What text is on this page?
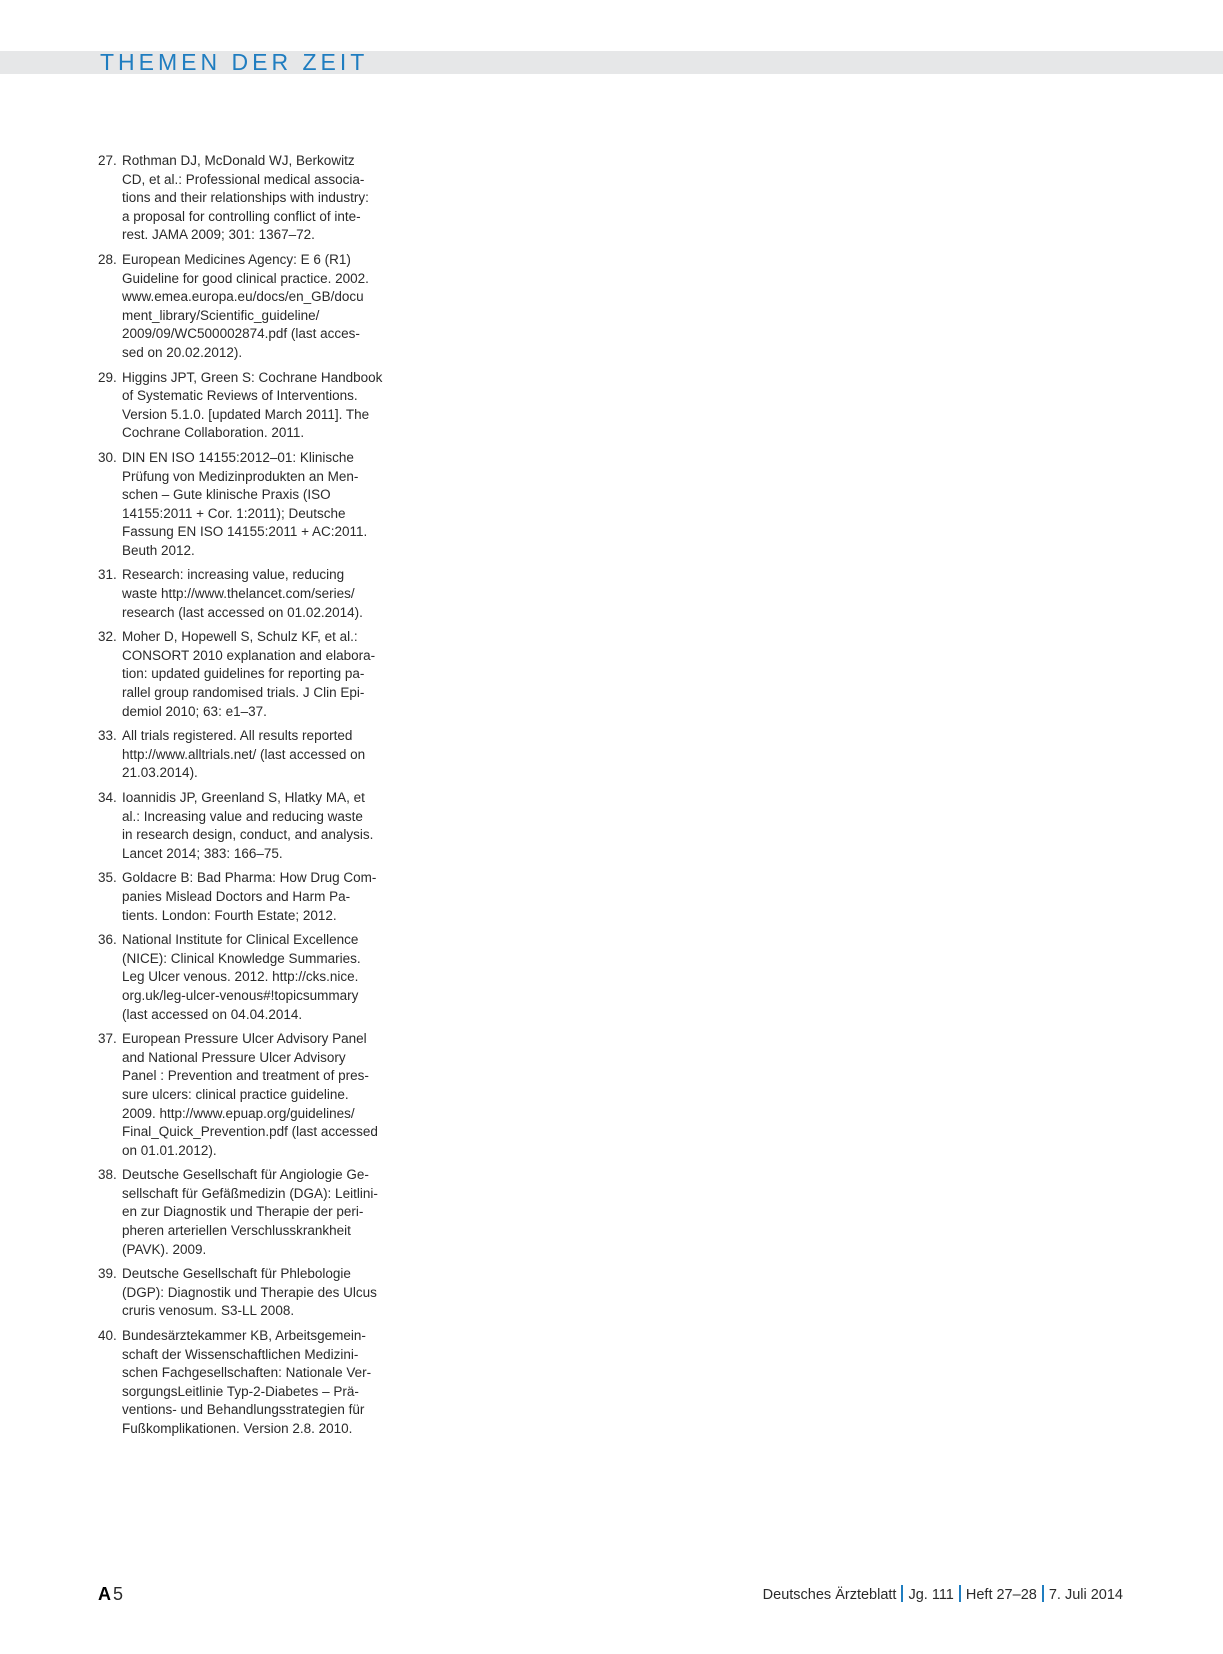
THEMEN DER ZEIT
27. Rothman DJ, McDonald WJ, Berkowitz
CD, et al.: Professional medical associa-
tions and their relationships with industry:
a proposal for controlling conflict of inte-
rest. JAMA 2009; 301: 1367–72.
28. European Medicines Agency: E 6 (R1)
Guideline for good clinical practice. 2002.
www.emea.europa.eu/docs/en_GB/docu
ment_library/Scientific_guideline/
2009/09/WC500002874.pdf (last acces-
sed on 20.02.2012).
29. Higgins JPT, Green S: Cochrane Handbook
of Systematic Reviews of Interventions.
Version 5.1.0. [updated March 2011]. The
Cochrane Collaboration. 2011.
30. DIN EN ISO 14155:2012–01: Klinische
Prüfung von Medizinprodukten an Men-
schen – Gute klinische Praxis (ISO
14155:2011 + Cor. 1:2011); Deutsche
Fassung EN ISO 14155:2011 + AC:2011.
Beuth 2012.
31. Research: increasing value, reducing
waste http://www.thelancet.com/series/
research (last accessed on 01.02.2014).
32. Moher D, Hopewell S, Schulz KF, et al.:
CONSORT 2010 explanation and elabora-
tion: updated guidelines for reporting pa-
rallel group randomised trials. J Clin Epi-
demiol 2010; 63: e1–37.
33. All trials registered. All results reported
http://www.alltrials.net/ (last accessed on
21.03.2014).
34. Ioannidis JP, Greenland S, Hlatky MA, et
al.: Increasing value and reducing waste
in research design, conduct, and analysis.
Lancet 2014; 383: 166–75.
35. Goldacre B: Bad Pharma: How Drug Com-
panies Mislead Doctors and Harm Pa-
tients. London: Fourth Estate; 2012.
36. National Institute for Clinical Excellence
(NICE): Clinical Knowledge Summaries.
Leg Ulcer venous. 2012. http://cks.nice.
org.uk/leg-ulcer-venous#!topicsummary
(last accessed on 04.04.2014.
37. European Pressure Ulcer Advisory Panel
and National Pressure Ulcer Advisory
Panel : Prevention and treatment of pres-
sure ulcers: clinical practice guideline.
2009. http://www.epuap.org/guidelines/
Final_Quick_Prevention.pdf (last accessed
on 01.01.2012).
38. Deutsche Gesellschaft für Angiologie Ge-
sellschaft für Gefäßmedizin (DGA): Leitlini-
en zur Diagnostik und Therapie der peri-
pheren arteriellen Verschlusskrankheit
(PAVK). 2009.
39. Deutsche Gesellschaft für Phlebologie
(DGP): Diagnostik und Therapie des Ulcus
cruris venosum. S3-LL 2008.
40. Bundesärztekammer KB, Arbeitsgemein-
schaft der Wissenschaftlichen Medizini-
schen Fachgesellschaften: Nationale Ver-
sorgungsLeitlinie Typ-2-Diabetes – Prä-
ventions- und Behandlungsstrategien für
Fußkomplikationen. Version 2.8. 2010.
A 5	Deutsches Ärzteblatt Jg. 111 Heft 27–28 7. Juli 2014
